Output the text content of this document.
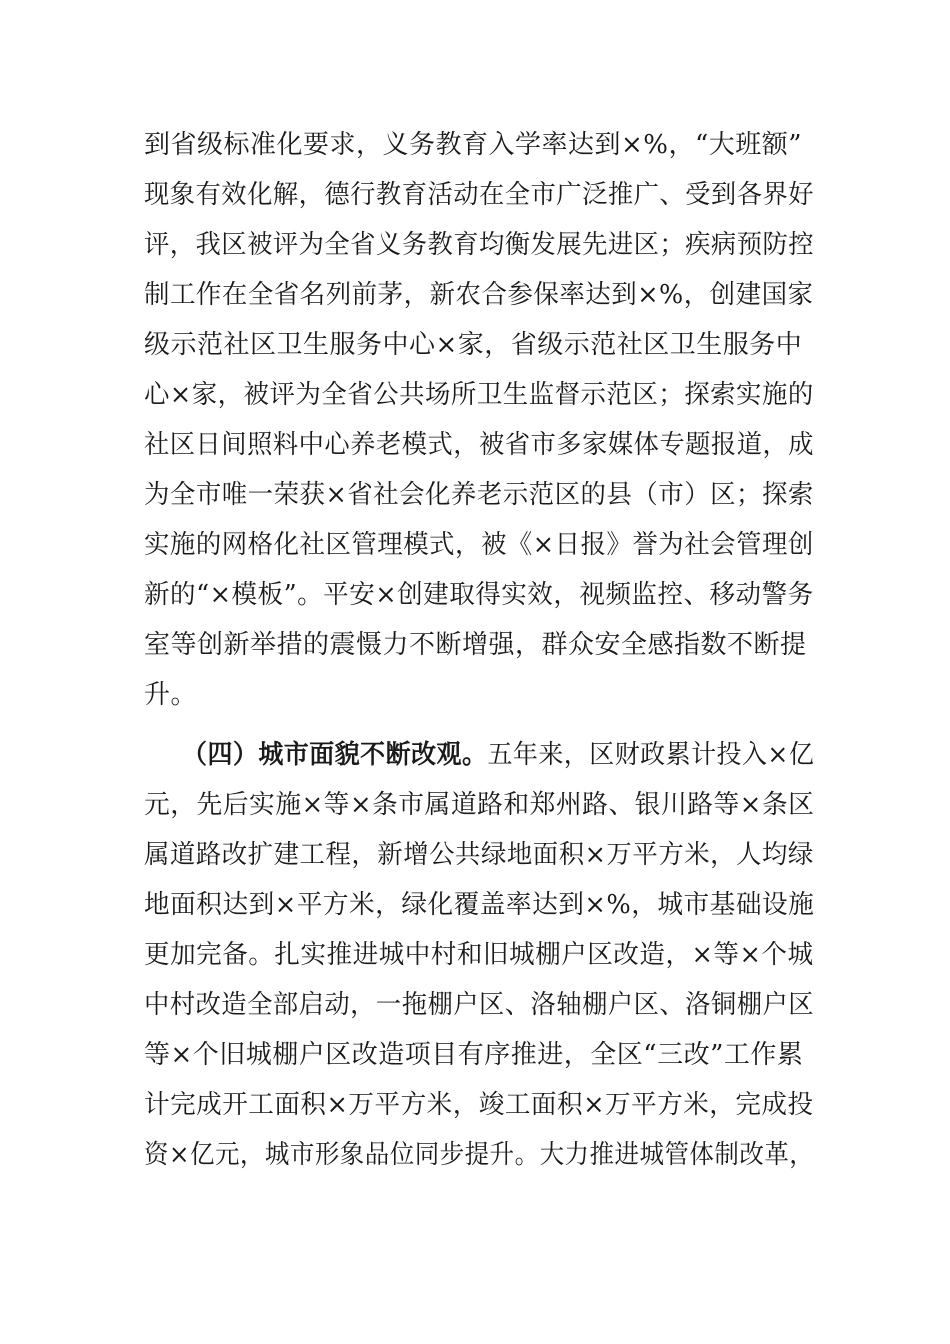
到省级标准化要求，义务教育入学率达到×%，“大班额”
现象有效化解，德行教育活动在全市广泛推广、受到各界好
评，我区被评为全省义务教育均衡发展先进区；疾病预防控
制工作在全省名列前茅，新农合参保率达到×%，创建国家
级示范社区卫生服务中心×家，省级示范社区卫生服务中
心×家，被评为全省公共场所卫生监督示范区；探索实施的
社区日间照料中心养老模式，被省市多家媒体专题报道，成
为全市唯一荣获×省社会化养老示范区的县（市）区；探索
实施的网格化社区管理模式，被《×日报》誉为社会管理创
新的“×模板”。平安×创建取得实效，视频监控、移动警务
室等创新举措的震慑力不断增强，群众安全感指数不断提
升。
（四）城市面貌不断改观。五年来，区财政累计投入×亿
元，先后实施×等×条市属道路和郑州路、银川路等×条区
属道路改扩建工程，新增公共绿地面积×万平方米，人均绿
地面积达到×平方米，绿化覆盖率达到×%，城市基础设施
更加完备。扎实推进城中村和旧城棚户区改造，×等×个城
中村改造全部启动，一拖棚户区、洛轴棚户区、洛铜棚户区
等×个旧城棚户区改造项目有序推进，全区“三改”工作累
计完成开工面积×万平方米，竣工面积×万平方米，完成投
资×亿元，城市形象品位同步提升。大力推进城管体制改革，
